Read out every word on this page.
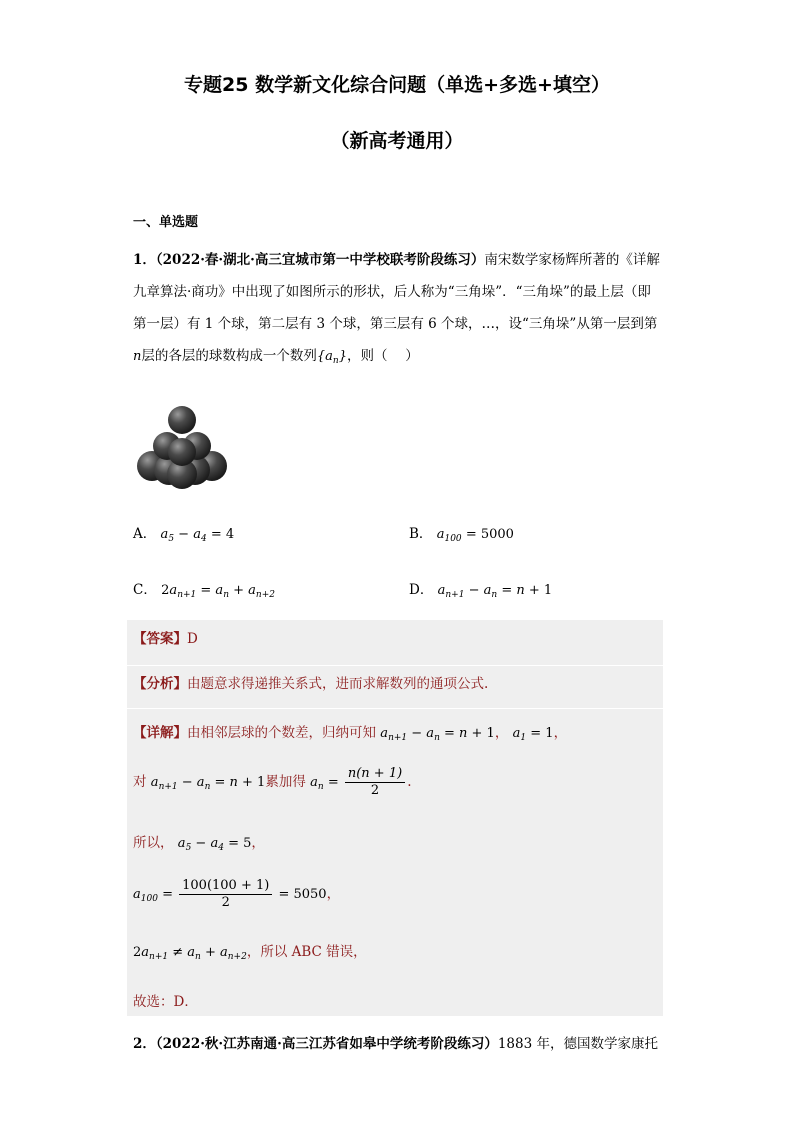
专题25 数学新文化综合问题（单选+多选+填空）
（新高考通用）
一、单选题
1．（2022·春·湖北·高三宜城市第一中学校联考阶段练习）南宋数学家杨辉所著的《详解
九章算法·商功》中出现了如图所示的形状，后人称为“三角垛”．“三角垛”的最上层（即
第一层）有 1 个球，第二层有 3 个球，第三层有 6 个球，…，设“三角垛”从第一层到第
n层的各层的球数构成一个数列$\{a_n\}$，则（　 ）
A． $a_5 - a_4 = 4$	B． $a_{100} = 5000$
C． $2a_{n+1} = a_n + a_{n+2}$	D． $a_{n+1} - a_n = n + 1$
【答案】D
【分析】由题意求得递推关系式，进而求解数列的通项公式.
【详解】由相邻层球的个数差，归纳可知 $a_{n+1} - a_n = n + 1$， $a_1 = 1$，
对 $a_{n+1} - a_n = n + 1$累加得 $a_n = \frac{n(n + 1)}{2}$ .
所以， $a_5 - a_4 = 5$，
$a_{100} = \frac{100(100 + 1)}{2} = 5050$，
$2a_{n+1} \ne a_n + a_{n+2}$，所以 ABC 错误，
故选：D．
2．（2022·秋·江苏南通·高三江苏省如皋中学统考阶段练习）1883 年，德国数学家康托
